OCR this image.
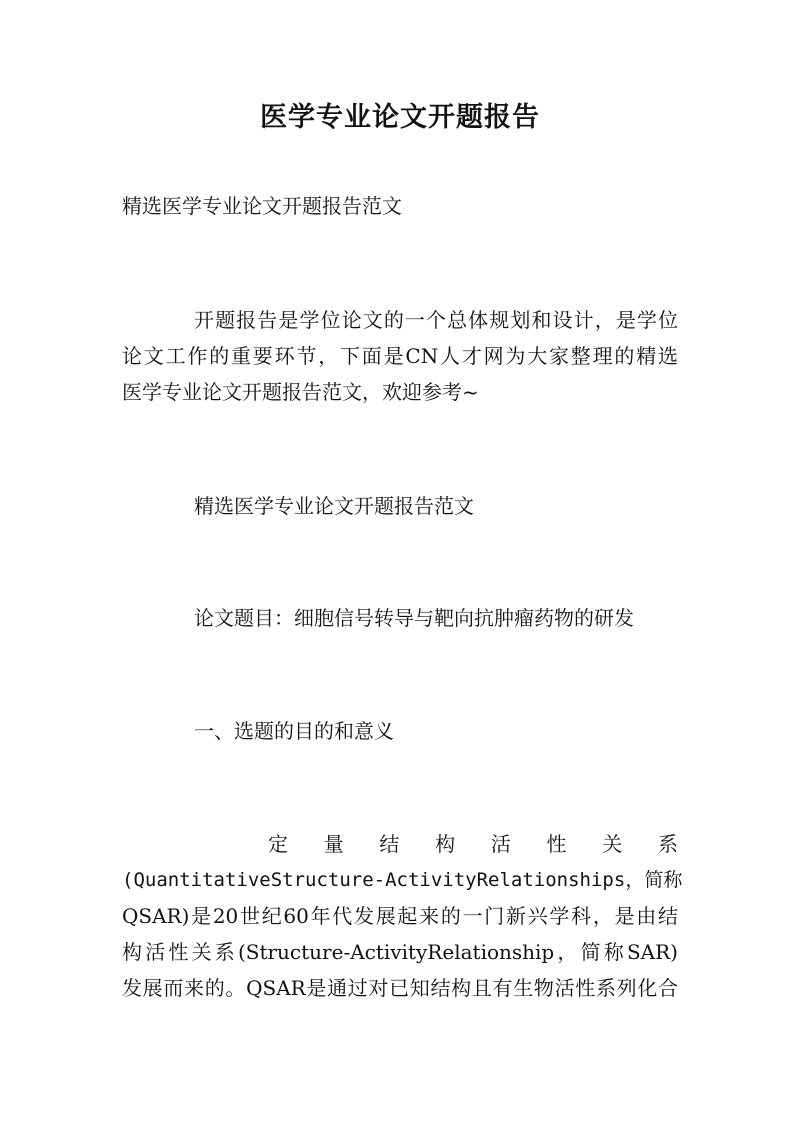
医学专业论文开题报告
精选医学专业论文开题报告范文
开题报告是学位论文的一个总体规划和设计，是学位
论文工作的重要环节，下面是CN人才网为大家整理的精选
医学专业论文开题报告范文，欢迎参考~
精选医学专业论文开题报告范文
论文题目：细胞信号转导与靶向抗肿瘤药物的研发
一、选题的目的和意义
定 量 结 构 活 性 关 系
(QuantitativeStructure-ActivityRelationships，简称
QSAR)是20世纪60年代发展起来的一门新兴学科，是由结
构活性关系(Structure-ActivityRelationship，简称SAR)
发展而来的。QSAR是通过对已知结构且有生物活性系列化合
